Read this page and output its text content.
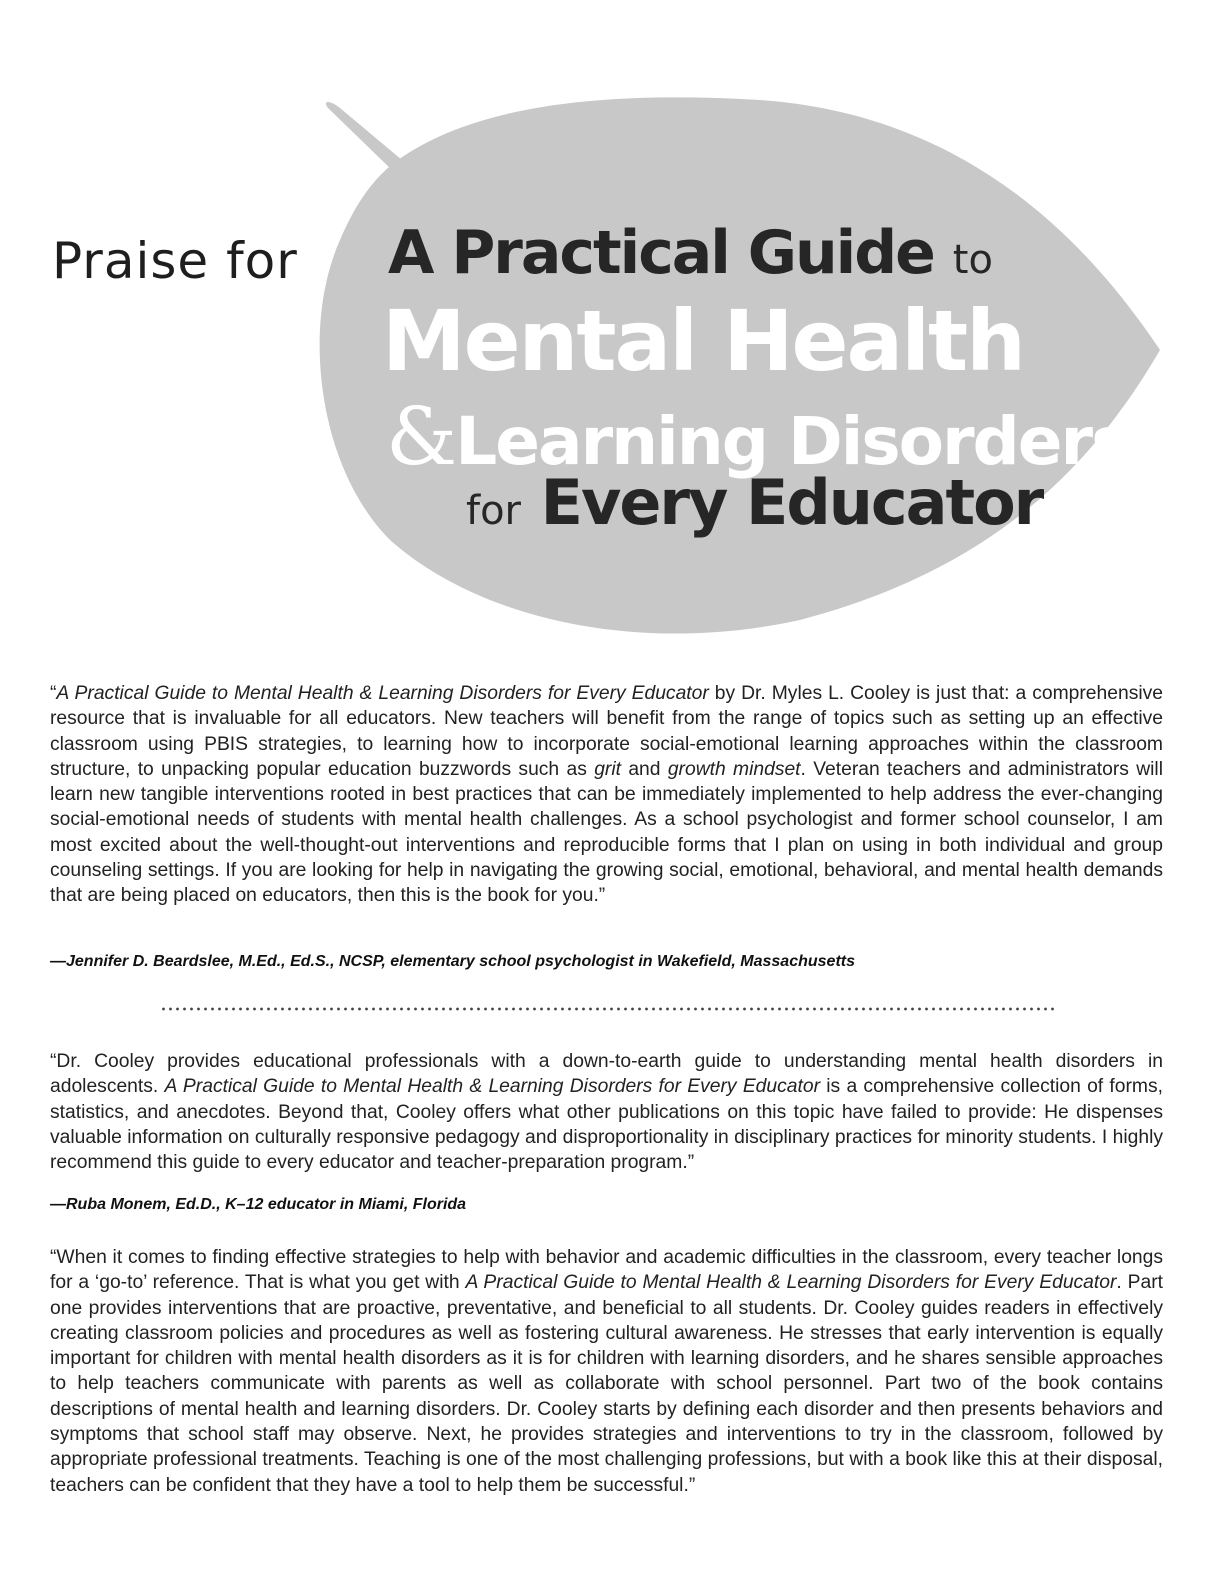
Praise for A Practical Guide to
Mental Health
&Learning Disorders
for Every Educator
“A Practical Guide to Mental Health & Learning Disorders for Every Educator by Dr. Myles L. Cooley is just that: a comprehensive resource that is invaluable for all educators. New teachers will benefit from the range of topics such as setting up an effective classroom using PBIS strategies, to learning how to incorporate social-emotional learning approaches within the classroom structure, to unpacking popular education buzzwords such as grit and growth mindset. Veteran teachers and administrators will learn new tangible interventions rooted in best practices that can be immediately implemented to help address the ever-changing social-emotional needs of students with mental health challenges. As a school psychologist and former school counselor, I am most excited about the well-thought-out interventions and reproducible forms that I plan on using in both individual and group counseling settings. If you are looking for help in navigating the growing social, emotional, behavioral, and mental health demands that are being placed on educators, then this is the book for you.”
—Jennifer D. Beardslee, M.Ed., Ed.S., NCSP, elementary school psychologist in Wakefield, Massachusetts
“Dr. Cooley provides educational professionals with a down-to-earth guide to understanding mental health disorders in adolescents. A Practical Guide to Mental Health & Learning Disorders for Every Educator is a comprehensive collection of forms, statistics, and anecdotes. Beyond that, Cooley offers what other publications on this topic have failed to provide: He dispenses valuable information on culturally responsive pedagogy and disproportionality in disciplinary practices for minority students. I highly recommend this guide to every educator and teacher-preparation program.”
—Ruba Monem, Ed.D., K–12 educator in Miami, Florida
“When it comes to finding effective strategies to help with behavior and academic difficulties in the classroom, every teacher longs for a ‘go-to’ reference. That is what you get with A Practical Guide to Mental Health & Learning Disorders for Every Educator. Part one provides interventions that are proactive, preventative, and beneficial to all students. Dr. Cooley guides readers in effectively creating classroom policies and procedures as well as fostering cultural awareness. He stresses that early intervention is equally important for children with mental health disorders as it is for children with learning disorders, and he shares sensible approaches to help teachers communicate with parents as well as collaborate with school personnel. Part two of the book contains descriptions of mental health and learning disorders. Dr. Cooley starts by defining each disorder and then presents behaviors and symptoms that school staff may observe. Next, he provides strategies and interventions to try in the classroom, followed by appropriate professional treatments. Teaching is one of the most challenging professions, but with a book like this at their disposal, teachers can be confident that they have a tool to help them be successful.”
